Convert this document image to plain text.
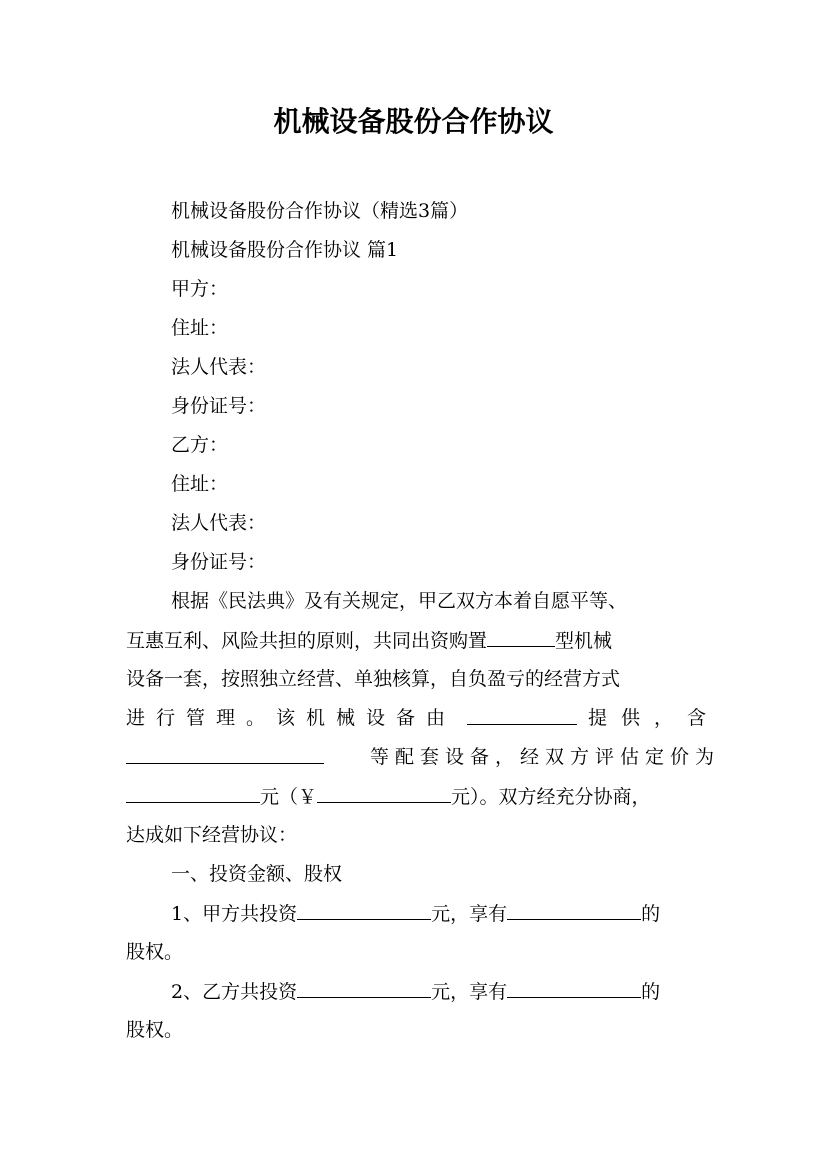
机械设备股份合作协议
机械设备股份合作协议（精选3篇）
机械设备股份合作协议 篇1
甲方：
住址：
法人代表：
身份证号：
乙方：
住址：
法人代表：
身份证号：
根据《民法典》及有关规定，甲乙双方本着自愿平等、
互惠互利、风险共担的原则，共同出资购置	型机械
设备一套，按照独立经营、单独核算，自负盈亏的经营方式
进行管理。该机械设备由	提供，含
等配套设备，经双方评估定价为
元（￥	元）。双方经充分协商，
达成如下经营协议：
一、投资金额、股权
1、甲方共投资	元，享有	的
股权。
2、乙方共投资	元，享有	的
股权。
